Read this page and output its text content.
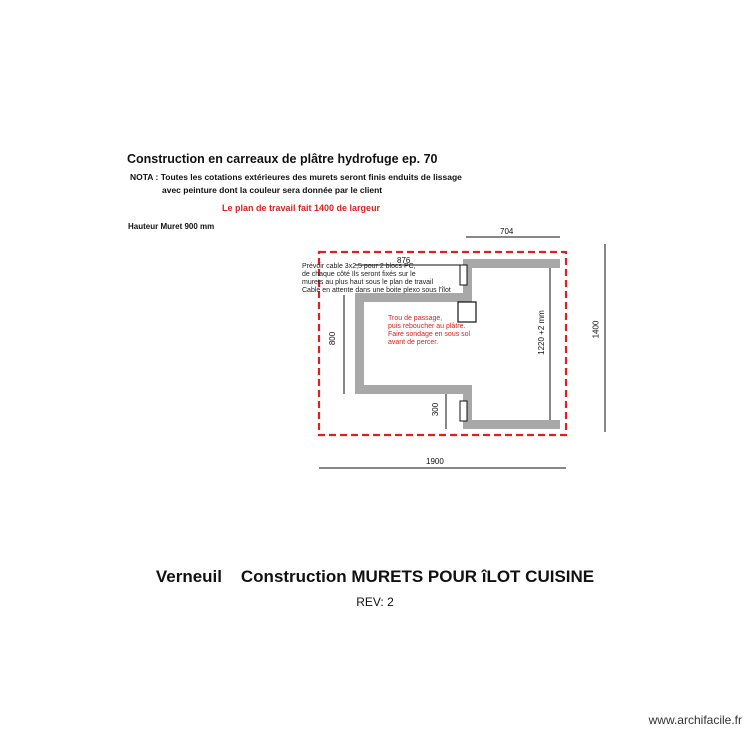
Construction en carreaux de plâtre hydrofuge ep. 70
NOTA : Toutes les cotations extérieures des murets seront finis enduits de lissage
avec peinture dont la couleur sera donnée par le client
Le plan de travail fait 1400 de largeur
Hauteur Muret 900 mm
Prévoir cable 3x2,5 pour 2 blocs PC,
de chaque côté Ils seront fixés sur le
murets au plus haut sous le plan de travail
Cable en attente dans une boite plexo sous l'îlot
Trou de passage,
puis reboucher au plâtre.
Faire sondage en sous sol
avant de percer.
704
876
1900
800
300
1220 +2 mm	1400
Verneuil    Construction MURETS POUR îLOT CUISINE
REV: 2
www.archifacile.fr
